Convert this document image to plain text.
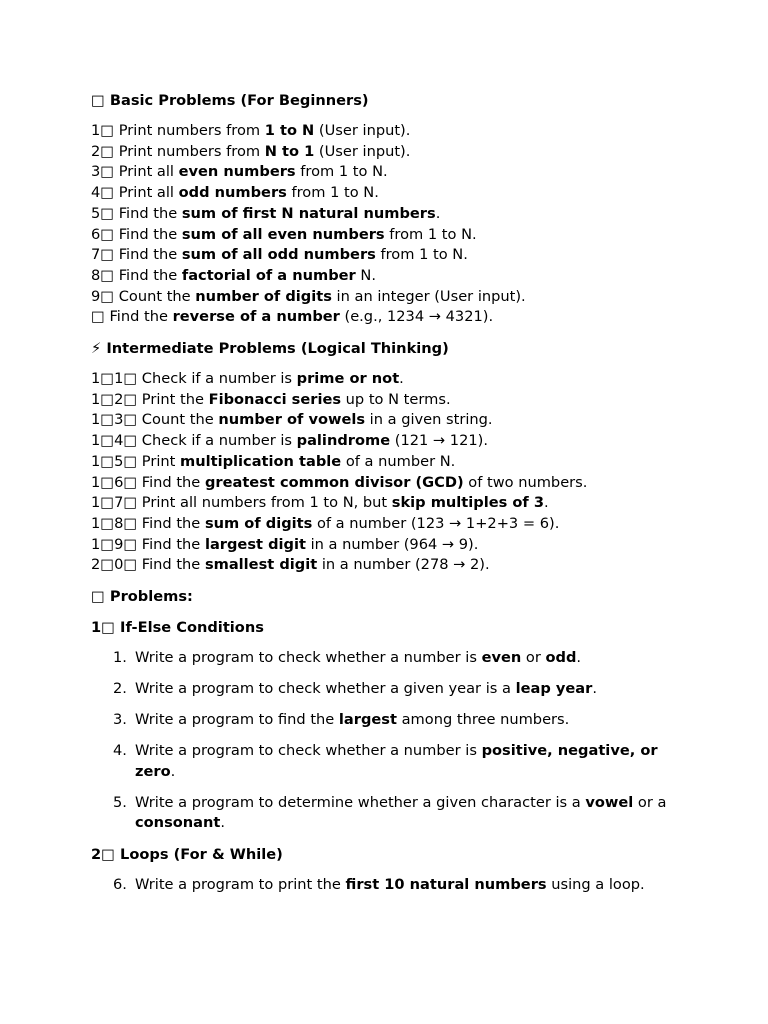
□ Basic Problems (For Beginners)
1□ Print numbers from 1 to N (User input).
2□ Print numbers from N to 1 (User input).
3□ Print all even numbers from 1 to N.
4□ Print all odd numbers from 1 to N.
5□ Find the sum of first N natural numbers.
6□ Find the sum of all even numbers from 1 to N.
7□ Find the sum of all odd numbers from 1 to N.
8□ Find the factorial of a number N.
9□ Count the number of digits in an integer (User input).
□ Find the reverse of a number (e.g., 1234 → 4321).
⚡ Intermediate Problems (Logical Thinking)
1□1□ Check if a number is prime or not.
1□2□ Print the Fibonacci series up to N terms.
1□3□ Count the number of vowels in a given string.
1□4□ Check if a number is palindrome (121 → 121).
1□5□ Print multiplication table of a number N.
1□6□ Find the greatest common divisor (GCD) of two numbers.
1□7□ Print all numbers from 1 to N, but skip multiples of 3.
1□8□ Find the sum of digits of a number (123 → 1+2+3 = 6).
1□9□ Find the largest digit in a number (964 → 9).
2□0□ Find the smallest digit in a number (278 → 2).
□ Problems:
1□ If-Else Conditions
1. Write a program to check whether a number is even or odd.
2. Write a program to check whether a given year is a leap year.
3. Write a program to find the largest among three numbers.
4. Write a program to check whether a number is positive, negative, or zero.
5. Write a program to determine whether a given character is a vowel or a consonant.
2□ Loops (For & While)
6. Write a program to print the first 10 natural numbers using a loop.
